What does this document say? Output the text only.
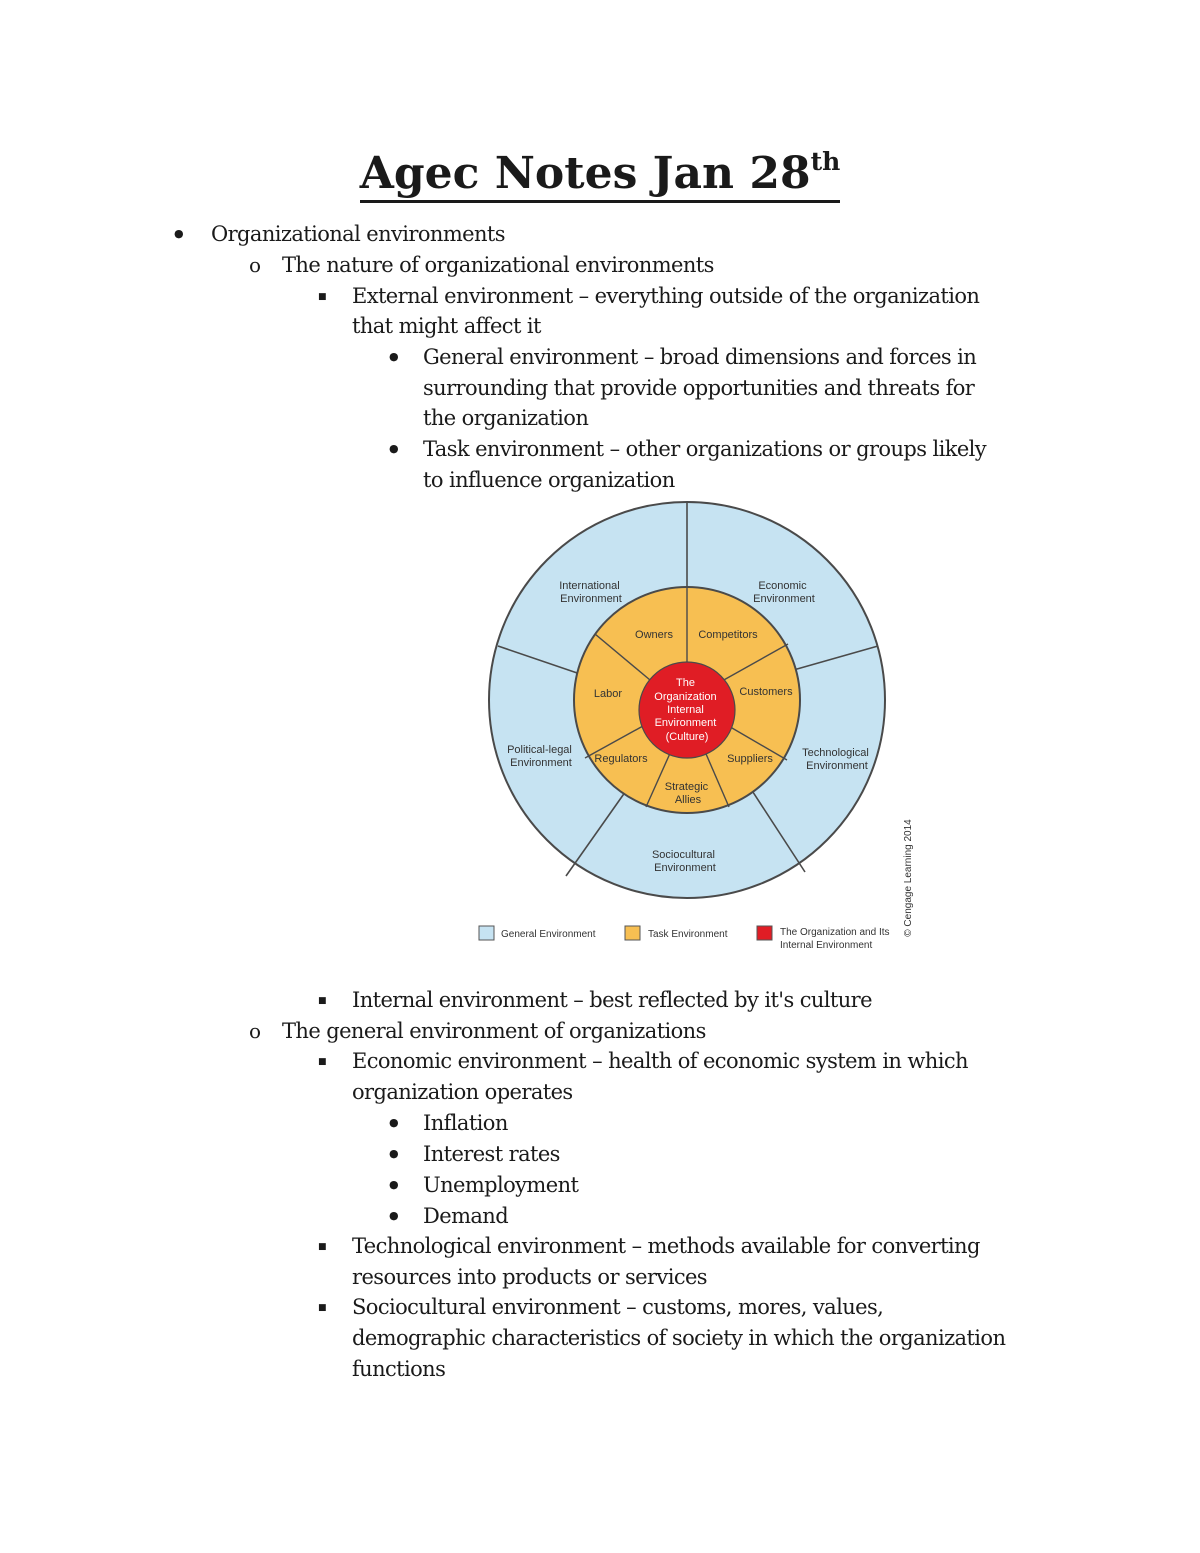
Agec Notes Jan 28th
●
Organizational environments
o
The nature of organizational environments
■
External environment – everything outside of the organization
that might affect it
●
General environment – broad dimensions and forces in
surrounding that provide opportunities and threats for
the organization
●
Task environment – other organizations or groups likely
to influence organization
International Environment
Economic Environment
Technological Environment
Political-legal Environment
Sociocultural Environment
Owners Competitors
Customers
Suppliers
Strategic Allies
Regulators
Labor
The Organization Internal Environment (Culture)
General Environment	Task Environment	The Organization and Its Internal Environment
© Cengage Learning 2014
■
Internal environment – best reflected by it's culture
o
The general environment of organizations
■
Economic environment – health of economic system in which
organization operates
●
Inflation
●
Interest rates
●
Unemployment
●
Demand
■
Technological environment – methods available for converting
resources into products or services
■
Sociocultural environment – customs, mores, values,
demographic characteristics of society in which the organization
functions
